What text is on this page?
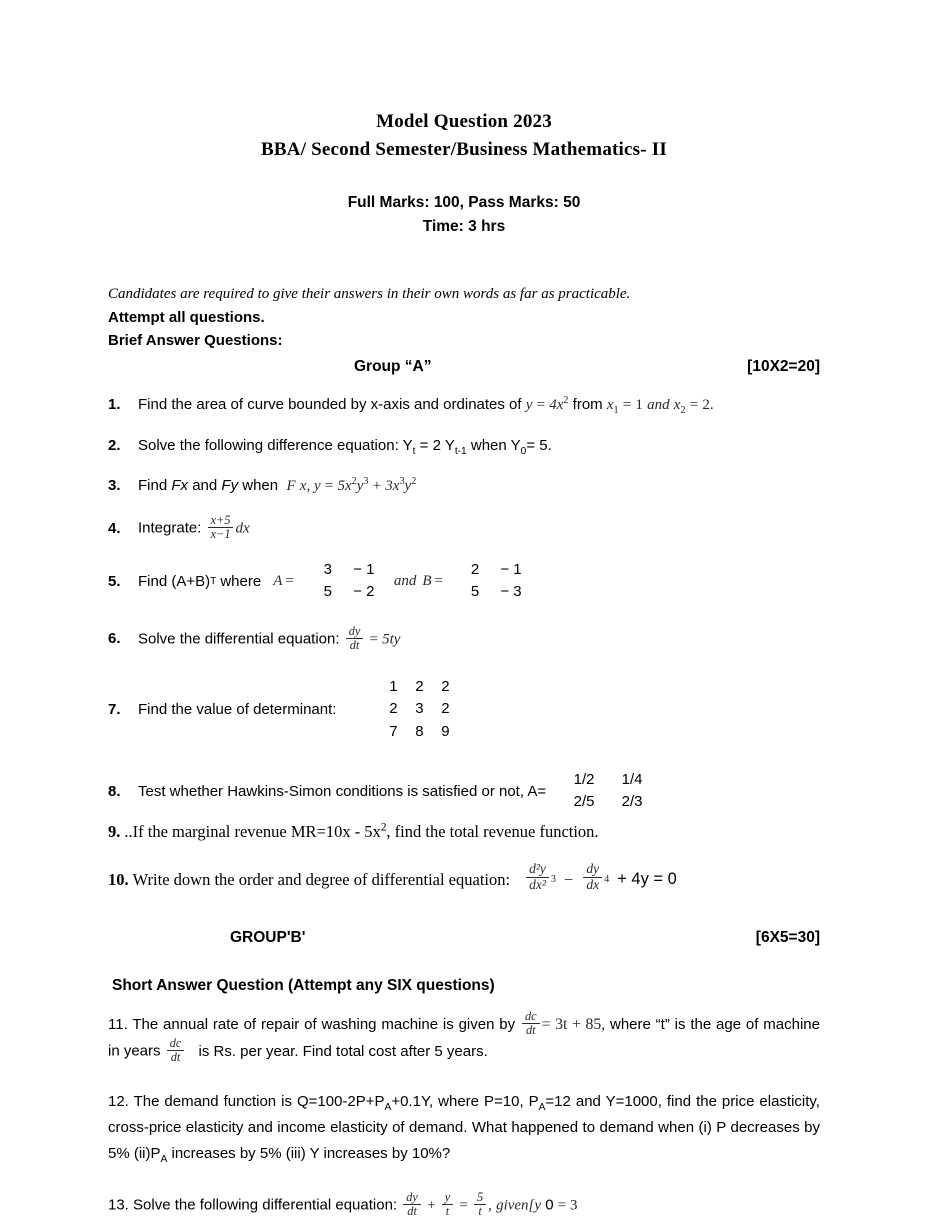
Model Question 2023
BBA/ Second Semester/Business Mathematics- II
Full Marks: 100, Pass Marks: 50
Time: 3 hrs
Candidates are required to give their answers in their own words as far as practicable.
Attempt all questions.
Brief Answer Questions:
Group “A”	[10X2=20]
1.	Find the area of curve bounded by x-axis and ordinates of $y = 4x^2$ from $x_1 = 1$ and $x_2 = 2$.
2.	Solve the following difference equation: $Y_t = 2$ $Y_{t-1}$ when $Y_0= 5$.
3.	Find Fx and Fy when F x, $y = 5x^2y^3 + 3x^3y^2$
4.	Integrate: $\frac{x+5}{x-1}$ dx
5.	Find (A+B) T where A =
3	− 1
5	− 2
and B =
2	− 1
5	− 3
6.	Solve the differential equation: $\frac{dy}{dt} = 5ty$
7.	Find the value of determinant:
1	2	2
2	3	2
7	8	9
8.	Test whether Hawkins-Simon conditions is satisfied or not, A=
1/2	1/4
2/5	2/3
9. ..If the marginal revenue $MR=10x - 5x^2$, find the total revenue function.
10. Write down the order and degree of differential equation: $\frac{\text{d²y}}{\text{dx²}} 3 - \frac{dy}{dx} 4 + 4y = 0$
GROUP'B'	[6X5=30]
Short Answer Question (Attempt any SIX questions)
11. The annual rate of repair of washing machine is given by $\frac{dc}{dt} = 3t + 85$, where “t” is the age of machine in years $\frac{dc}{dt}$ is Rs. per year. Find total cost after 5 years.
12. The demand function is $Q=100-2P+P_A+0.1Y$, where P=10, $P_A=12$ and Y=1000, find the price elasticity, cross-price elasticity and income elasticity of demand. What happened to demand when (i) P decreases by 5% $(ii)P_A$ increases by 5% (iii) Y increases by 10%?
13. Solve the following differential equation: $\frac{dy}{dt} + \frac{y}{t} = \frac{5}{t}$ , given[y 0 = 3
